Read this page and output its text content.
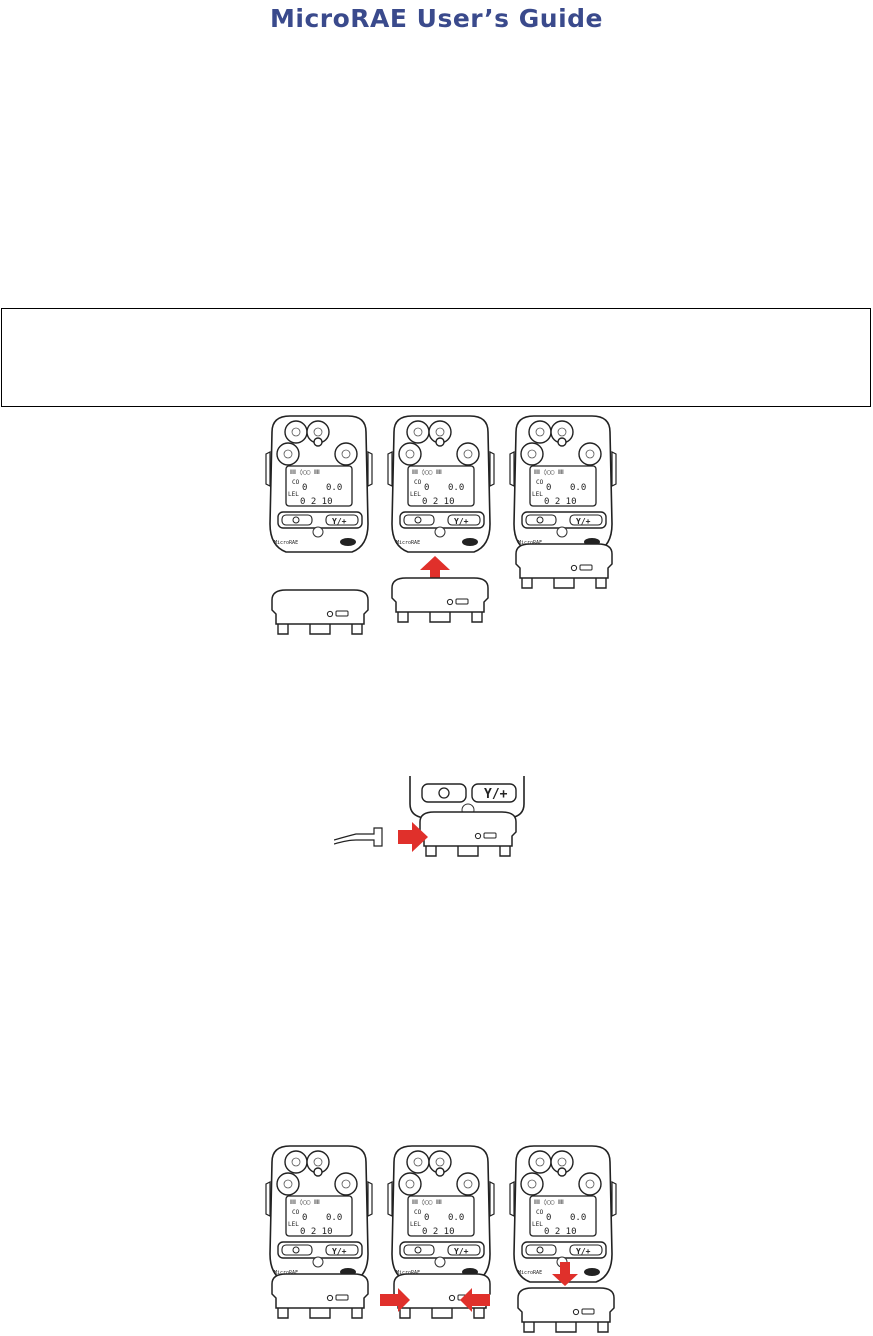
MicroRAE User’s Guide
Y/+
